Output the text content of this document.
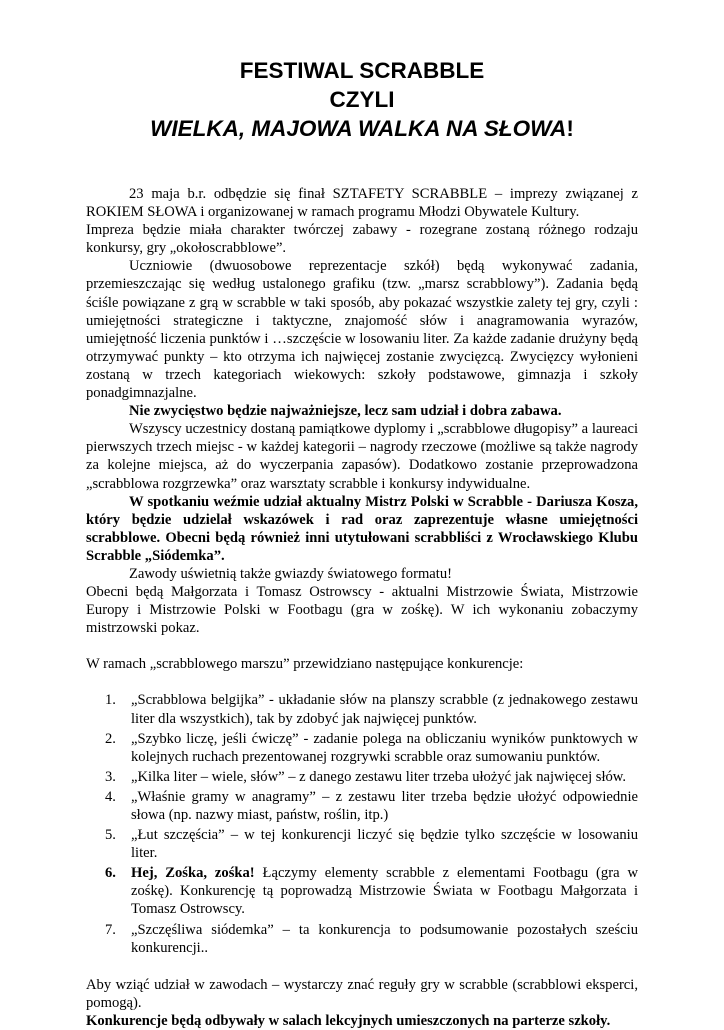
FESTIWAL SCRABBLE
CZYLI
WIELKA, MAJOWA WALKA NA SŁOWA!

23 maja b.r. odbędzie się finał SZTAFETY SCRABBLE – imprezy związanej z ROKIEM SŁOWA i organizowanej w ramach programu Młodzi Obywatele Kultury.

Impreza będzie miała charakter twórczej zabawy - rozegrane zostaną różnego rodzaju konkursy, gry „okołoscrabblowe”.

Uczniowie (dwuosobowe reprezentacje szkół) będą wykonywać zadania, przemieszczając się według ustalonego grafiku (tzw. „marsz scrabblowy”). Zadania będą ściśle powiązane z grą w scrabble w taki sposób, aby pokazać wszystkie zalety tej gry, czyli : umiejętności strategiczne i taktyczne, znajomość słów i anagramowania wyrazów, umiejętność liczenia punktów i …szczęście w losowaniu liter. Za każde zadanie drużyny będą otrzymywać punkty – kto otrzyma ich najwięcej zostanie zwycięzcą. Zwycięzcy wyłonieni zostaną w trzech kategoriach wiekowych: szkoły podstawowe, gimnazja i szkoły ponadgimnazjalne.

Nie zwycięstwo będzie najważniejsze, lecz sam udział i dobra zabawa.

Wszyscy uczestnicy dostaną pamiątkowe dyplomy i „scrabblowe długopisy” a laureaci pierwszych trzech miejsc - w każdej kategorii – nagrody rzeczowe (możliwe są także nagrody za kolejne miejsca, aż do wyczerpania zapasów). Dodatkowo zostanie przeprowadzona „scrabblowa rozgrzewka” oraz warsztaty scrabble i konkursy indywidualne.

W spotkaniu weźmie udział aktualny Mistrz Polski w Scrabble - Dariusza Kosza, który będzie udzielał wskazówek i rad oraz zaprezentuje własne umiejętności scrabblowe. Obecni będą również inni utytułowani scrabbliści z Wrocławskiego Klubu Scrabble „Siódemka”.

Zawody uświetnią także gwiazdy światowego formatu!

Obecni będą Małgorzata i Tomasz Ostrowscy - aktualni Mistrzowie Świata, Mistrzowie Europy i Mistrzowie Polski w Footbagu (gra w zośkę). W ich wykonaniu zobaczymy mistrzowski pokaz.

W ramach „scrabblowego marszu” przewidziano następujące konkurencje:

1. „Scrabblowa belgijka” - układanie słów na planszy scrabble (z jednakowego zestawu liter dla wszystkich), tak by zdobyć jak najwięcej punktów.
2. „Szybko liczę, jeśli ćwiczę” - zadanie polega na obliczaniu wyników punktowych w kolejnych ruchach prezentowanej rozgrywki scrabble oraz sumowaniu punktów.
3. „Kilka liter – wiele, słów” – z danego zestawu liter trzeba ułożyć jak najwięcej słów.
4. „Właśnie gramy w anagramy” – z zestawu liter trzeba będzie ułożyć odpowiednie słowa (np. nazwy miast, państw, roślin, itp.)
5. „Łut szczęścia” – w tej konkurencji liczyć się będzie tylko szczęście w losowaniu liter.
6. Hej, Zośka, zośka! Łączymy elementy scrabble z elementami Footbagu (gra w zośkę). Konkurencję tą poprowadzą Mistrzowie Świata w Footbagu Małgorzata i Tomasz Ostrowscy.
7. „Szczęśliwa siódemka” – ta konkurencja to podsumowanie pozostałych sześciu konkurencji..

Aby wziąć udział w zawodach – wystarczy znać reguły gry w scrabble (scrabblowi eksperci, pomogą).

Konkurencje będą odbywały w salach lekcyjnych umieszczonych na parterze szkoły.
